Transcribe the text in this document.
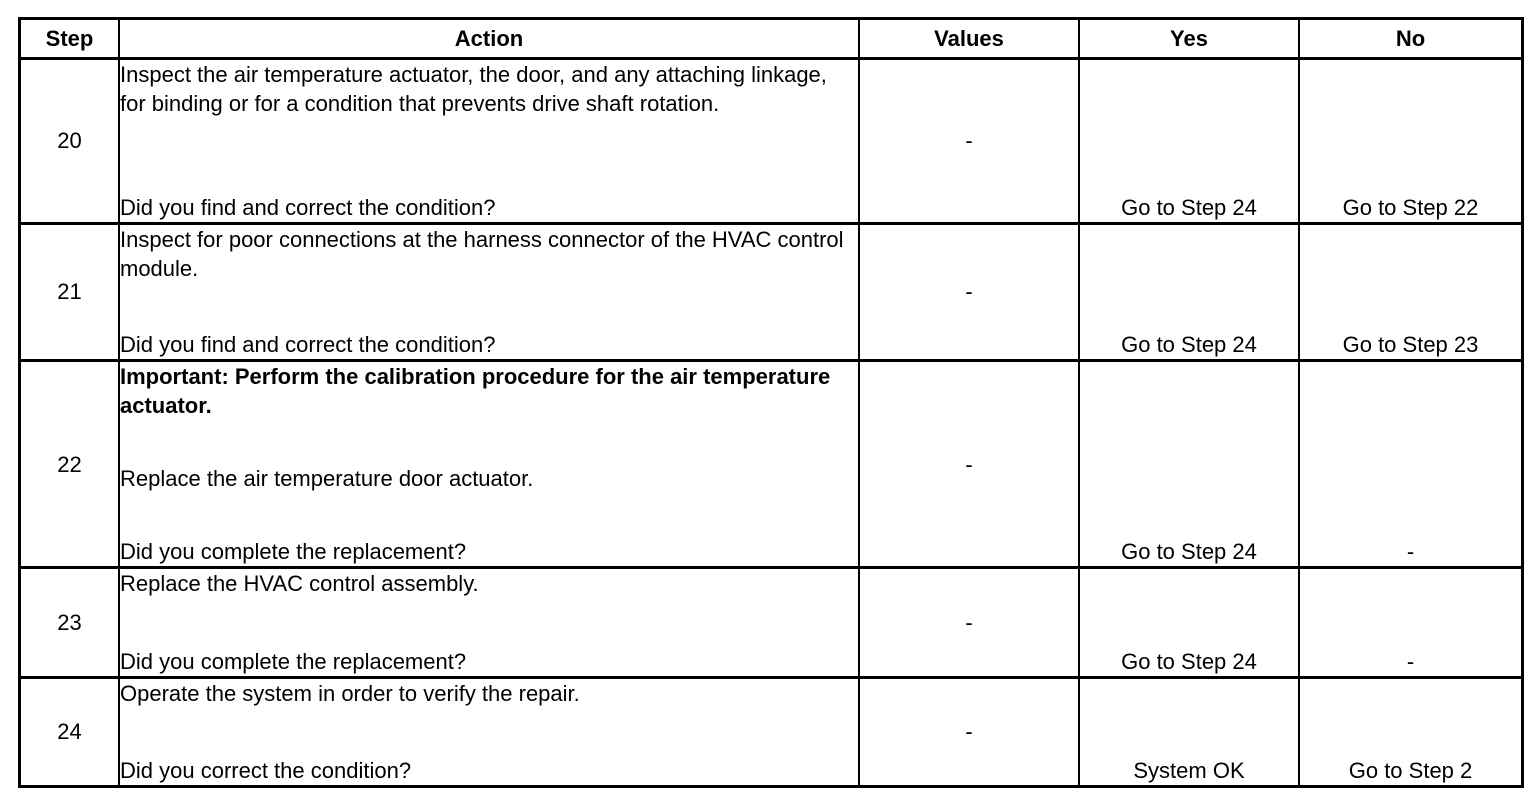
Step	Action	Values	Yes	No
20	Inspect the air temperature actuator, the door, and any attaching linkage, for binding or for a condition that prevents drive shaft rotation.

Did you find and correct the condition?	-	Go to Step 24	Go to Step 22
21	Inspect for poor connections at the harness connector of the HVAC control module.

Did you find and correct the condition?	-	Go to Step 24	Go to Step 23
22	Important: Perform the calibration procedure for the air temperature actuator.

Replace the air temperature door actuator.

Did you complete the replacement?	-	Go to Step 24	-
23	Replace the HVAC control assembly.

Did you complete the replacement?	-	Go to Step 24	-
24	Operate the system in order to verify the repair.

Did you correct the condition?	-	System OK	Go to Step 2
